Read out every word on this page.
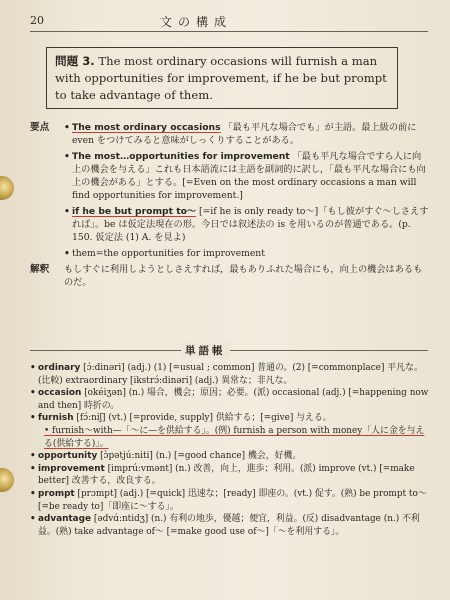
20	文の構成
問題 3. The most ordinary occasions will furnish a man with opportunities for improvement, if he be but prompt to take advantage of them.
要点
•	The most ordinary occasions 「最も平凡な場合でも」が主語。最上級の前に even をつけてみると意味がしっくりすることがある。
• The most…opportunities for improvement 「最も平凡な場合ですら人に向上の機会を与える」これも日本語流には主語を副詞的に訳し，「最も平凡な場合にも向上の機会がある」とする。[=Even on the most ordinary occasions a man will find opportunities for improvement.]
• if he be but prompt to〜 [=if he is only ready to〜]「もし彼がすぐ〜しさえすれば」。be は仮定法現在の形。今日では叙述法の is を用いるのが普通である。(p. 150. 仮定法 (1) A. を見よ)
• them=the opportunities for improvement
解釈 もしすぐに利用しようとしさえすれば，最もありふれた場合にも，向上の機会はあるものだ。
単語帳
• ordinary [ɔ́:dinəri] (adj.) (1) [=usual ; common] 普通の。(2) [=commonplace] 平凡な。(比較) extraordinary [ikstrɔ́:dinəri] (adj.) 異常な；非凡な。
• occasion [okéiʒən] (n.) 場合，機会；原因；必要。(派) occasional (adj.) [=happening now and then] 時折の。
• furnish [fɔ́:niʃ] (vt.) [=provide, supply] 供給する；[=give] 与える。
• furnish〜with—「〜に—を供給する」。(例) furnish a person with money「人に金を与える(供給する)」。
• opportunity [ɔ̀pətjú:niti] (n.) [=good chance] 機会，好機。
• improvement [imprú:vmənt] (n.) 改善，向上，進歩；利用。(派) improve (vt.) [=make better] 改善する，改良する。
• prompt [prɔmpt] (adj.) [=quick] 迅速な；[ready] 即座の。(vt.) 促す。(熟) be prompt to〜 [=be ready to]「即座に〜する」。
• advantage [ədvɑ́:ntidʒ] (n.) 有利の地歩，優越；便宜，利益。(反) disadvantage (n.) 不利益。(熟) take advantage of〜 [=make good use of〜]「〜を利用する」。
